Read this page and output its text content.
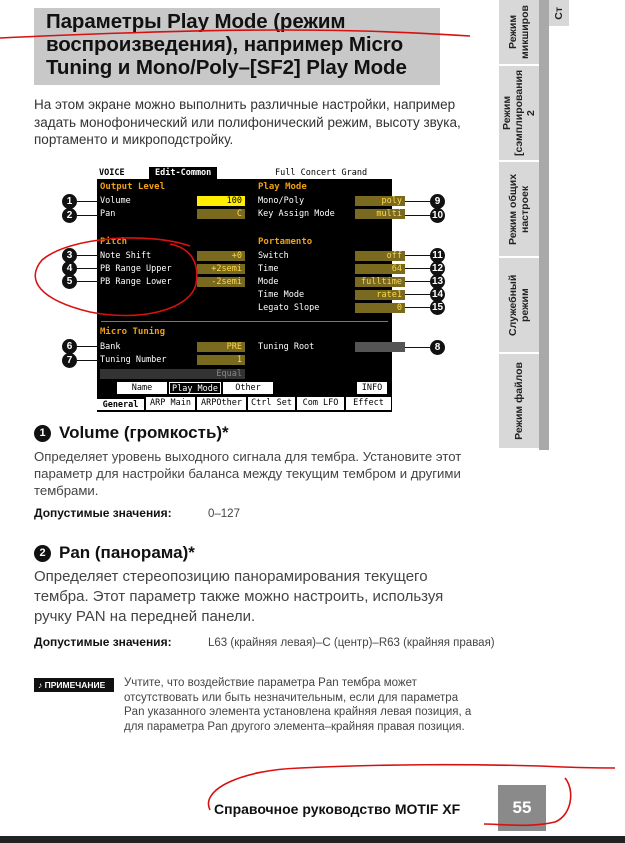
Параметры Play Mode (режим
воспроизведения), например Micro
Tuning и Mono/Poly–[SF2] Play Mode

На этом экране можно выполнить различные настройки, например задать монофонический или полифонический режим, высоту звука, портаменто и микроподстройку.

Ст
Режим микширов
Режим [сэмплирования 2
Режим общих настроек
Служебный режим
Режим файлов
VOICE	Edit-Common	Full Concert Grand
Output Level
Volume	100
Pan	C
Pitch
Note Shift	+0
PB Range Upper	+2semi
PB Range Lower	-2semi
Play Mode
Mono/Poly	poly
Key Assign Mode	multi
Portamento
Switch	off
Time	64
Mode	fulltime
Time Mode	rate1
Legato Slope	0
Micro Tuning
Bank	PRE
Tuning Number	1
Equal
Tuning Root
Name	Play Mode	Other	INFO
General	ARP Main	ARPOther	Ctrl Set	Com LFO	Effect
1
2
3
4
5
6
7
8
9
10
11
12
13
14
15
1 Volume (громкость)*

Определяет уровень выходного сигнала для тембра. Установите этот параметр для настройки баланса между текущим тембром и другими тембрами.

Допустимые значения:	0–127
2 Pan (панорама)*

Определяет стереопозицию панорамирования текущего тембра. Этот параметр также можно настроить, используя ручку PAN на передней панели.

Допустимые значения:	L63 (крайняя левая)–C (центр)–R63 (крайняя правая)
♪ ПРИМЕЧАНИЕ	Учтите, что воздействие параметра Pan тембра может отсутствовать или быть незначительным, если для параметра Pan указанного элемента установлена крайняя левая позиция, а для параметра Pan другого элемента–крайняя правая позиция.

Справочное руководство MOTIF XF	55
